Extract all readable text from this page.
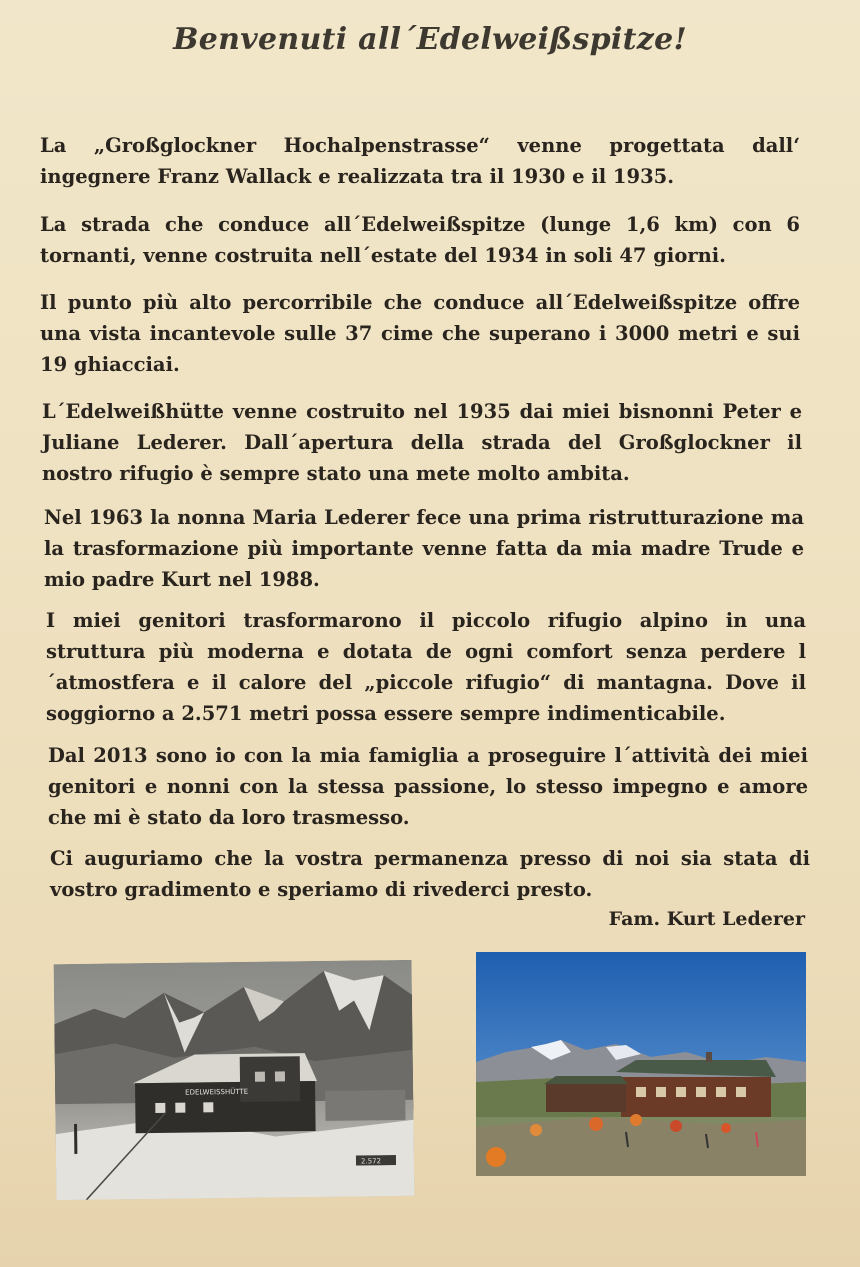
Benvenuti all´Edelweißspitze!

La „Großglockner Hochalpenstrasse“ venne progettata dall‘ ingegnere Franz Wallack e realizzata tra il 1930 e il 1935.

La strada che conduce all´Edelweißspitze (lunge 1,6 km) con 6 tornanti, venne costruita nell´estate del 1934 in soli 47 giorni.

Il punto più alto percorribile che conduce all´Edelweißspitze offre una vista incantevole sulle 37 cime che superano i 3000 metri e sui 19 ghiacciai.

L´Edelweißhütte venne costruito nel 1935 dai miei bisnonni Peter e Juliane Lederer. Dall´apertura della strada del Großglockner il nostro rifugio è sempre stato una mete molto ambita.

Nel 1963 la nonna Maria Lederer fece una prima ristrutturazione ma la trasformazione più importante venne fatta da mia madre Trude e mio padre Kurt nel 1988.

I miei genitori trasformarono il piccolo rifugio alpino in una struttura più moderna e dotata de ogni comfort senza perdere l´atmostfera e il calore del „piccole rifugio“ di mantagna. Dove il soggiorno a 2.571 metri possa essere sempre indimenticabile.

Dal 2013 sono io con la mia famiglia a proseguire l´attività dei miei genitori e nonni con la stessa passione, lo stesso impegno e amore che mi è stato da loro trasmesso.

Ci auguriamo che la vostra permanenza presso di noi sia stata di vostro gradimento e speriamo di rivederci presto.

Fam. Kurt Lederer
EDELWEISSHÜTTE
2.572
